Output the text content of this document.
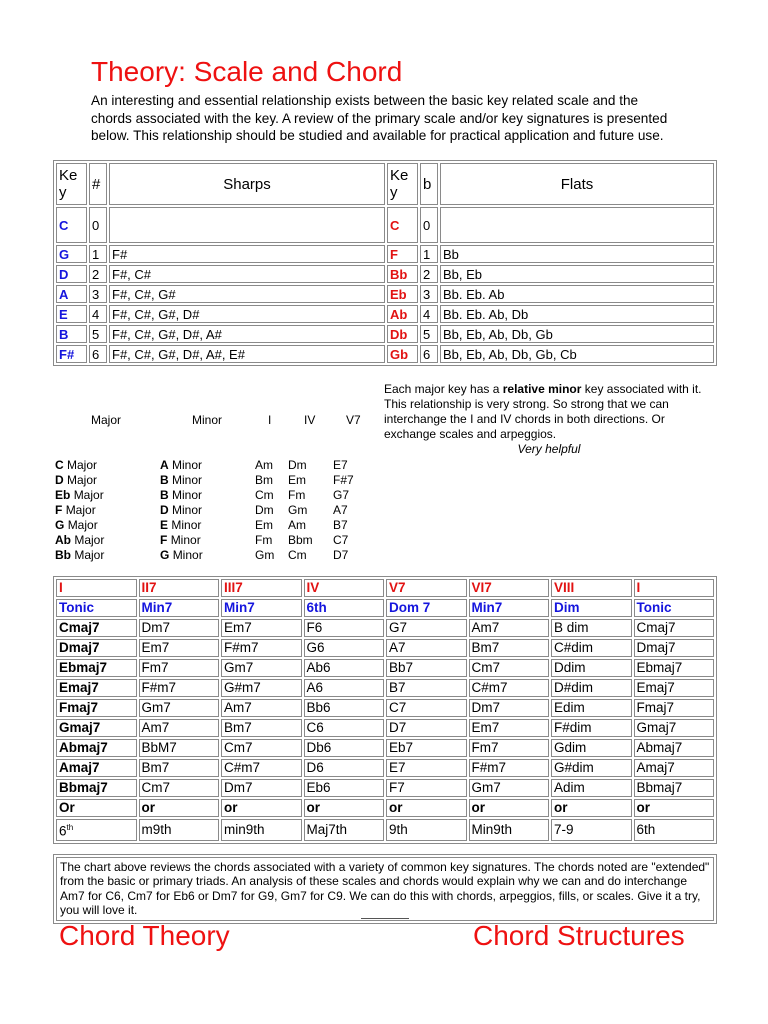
Theory: Scale and Chord
An interesting and essential relationship exists between the basic key related scale and the chords associated with the key. A review of the primary scale and/or key signatures is presented below. This relationship should be studied and available for practical application and future use.
Key	#	Sharps	Key	b	Flats
C	0		C	0	
G	1	F#	F	1	Bb
D	2	F#, C#	Bb	2	Bb, Eb
A	3	F#, C#, G#	Eb	3	Bb. Eb. Ab
E	4	F#, C#, G#, D#	Ab	4	Bb. Eb. Ab, Db
B	5	F#, C#, G#, D#, A#	Db	5	Bb, Eb, Ab, Db, Gb
F#	6	F#, C#, G#, D#, A#, E#	Gb	6	Bb, Eb, Ab, Db, Gb, Cb
Each major key has a relative minor key associated with it. This relationship is very strong. So strong that we can interchange the I and IV chords in both directions. Or exchange scales and arpeggios.
Very helpful
Major	Minor	I	IV	V7
C Major	A Minor	Am Dm E7
D Major	B Minor	Bm Em F#7
Eb Major	B Minor	Cm Fm G7
F Major	D Minor	Dm Gm A7
G Major	E Minor	Em Am B7
Ab Major	F Minor	Fm Bbm C7
Bb Major	G Minor	Gm Cm D7
I	II7	III7	IV	V7	VI7	VIII	I
Tonic	Min7	Min7	6th	Dom 7	Min7	Dim	Tonic
Cmaj7	Dm7	Em7	F6	G7	Am7	B dim	Cmaj7
Dmaj7	Em7	F#m7	G6	A7	Bm7	C#dim	Dmaj7
Ebmaj7	Fm7	Gm7	Ab6	Bb7	Cm7	Ddim	Ebmaj7
Emaj7	F#m7	G#m7	A6	B7	C#m7	D#dim	Emaj7
Fmaj7	Gm7	Am7	Bb6	C7	Dm7	Edim	Fmaj7
Gmaj7	Am7	Bm7	C6	D7	Em7	F#dim	Gmaj7
Abmaj7	BbM7	Cm7	Db6	Eb7	Fm7	Gdim	Abmaj7
Amaj7	Bm7	C#m7	D6	E7	F#m7	G#dim	Amaj7
Bbmaj7	Cm7	Dm7	Eb6	F7	Gm7	Adim	Bbmaj7
Or	or	or	or	or	or	or	or
6th	m9th	min9th	Maj7th	9th	Min9th	7-9	6th
The chart above reviews the chords associated with a variety of common key signatures. The chords noted are "extended" from the basic or primary triads. An analysis of these scales and chords would explain why we can and do interchange Am7 for C6, Cm7 for Eb6 or Dm7 for G9, Gm7 for C9. We can do this with chords, arpeggios, fills, or scales. Give it a try, you will love it.
Chord Theory	Chord Structures
